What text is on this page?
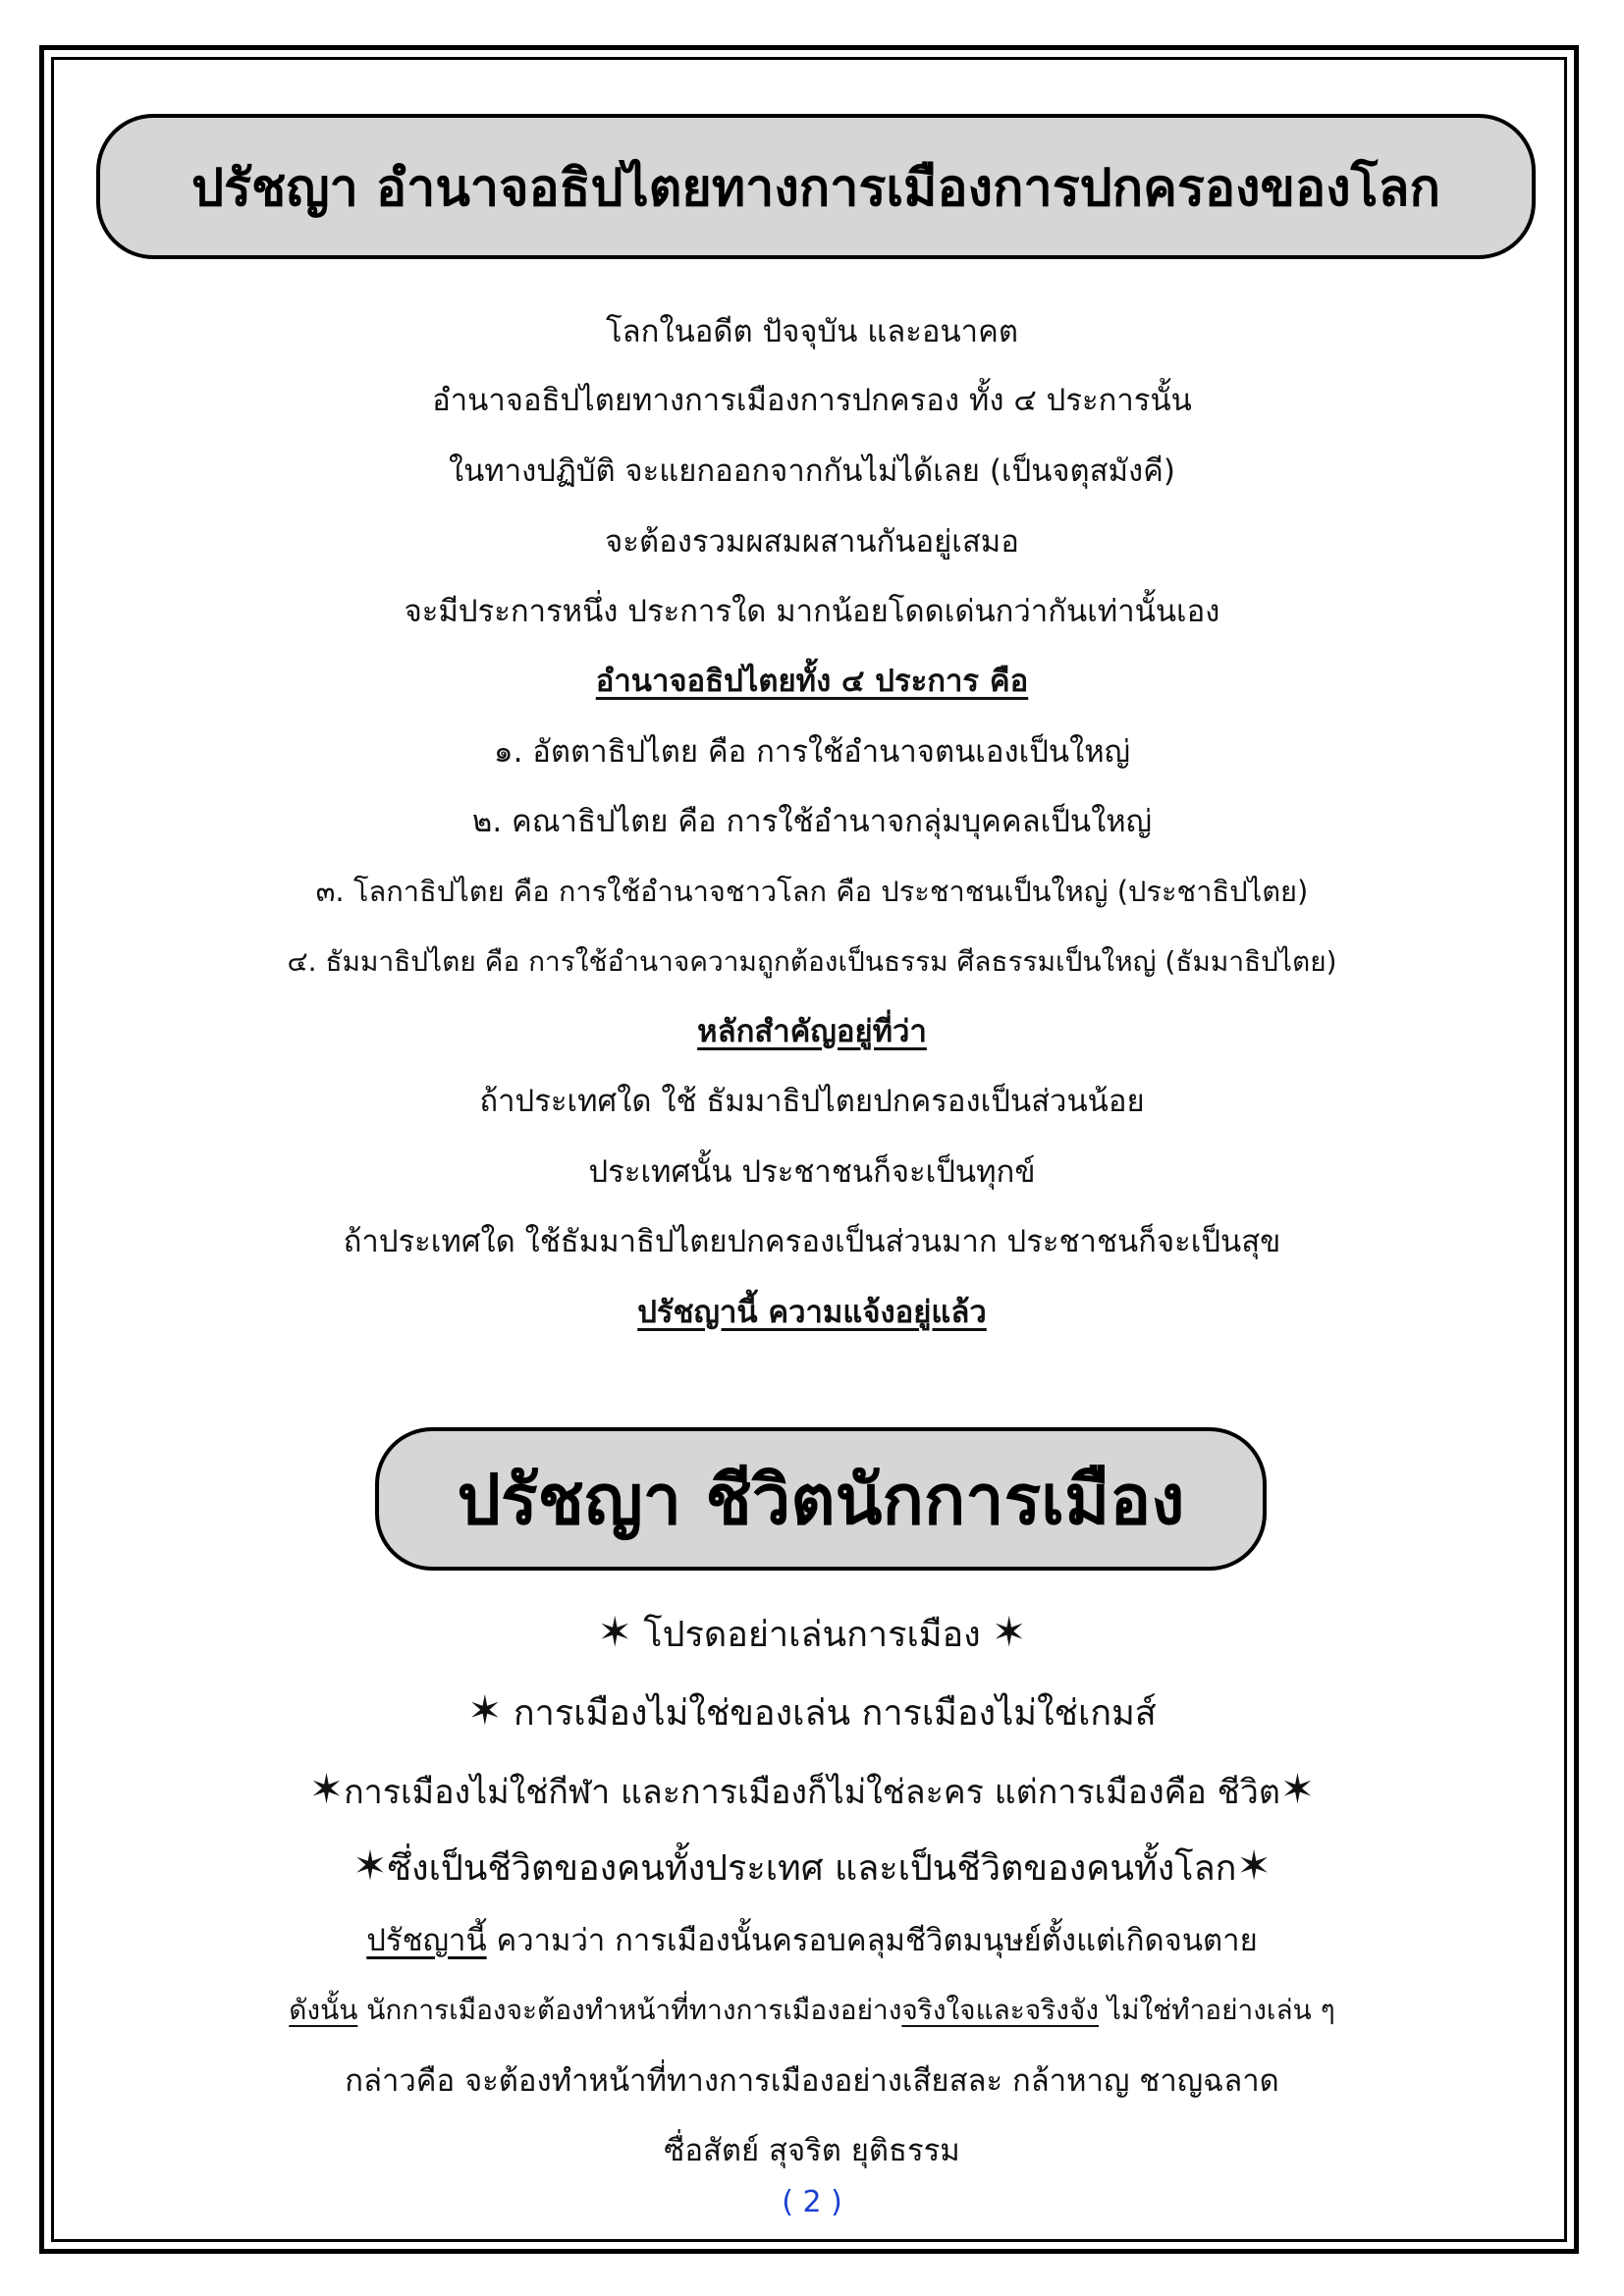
ปรัชญา อำนาจอธิปไตยทางการเมืองการปกครองของโลก
โลกในอดีต ปัจจุบัน และอนาคต
อำนาจอธิปไตยทางการเมืองการปกครอง ทั้ง ๔ ประการนั้น
ในทางปฏิบัติ จะแยกออกจากกันไม่ได้เลย (เป็นจตุสมังคี)
จะต้องรวมผสมผสานกันอยู่เสมอ
จะมีประการหนึ่ง ประการใด มากน้อยโดดเด่นกว่ากันเท่านั้นเอง
อำนาจอธิปไตยทั้ง ๔ ประการ คือ
๑. อัตตาธิปไตย คือ การใช้อำนาจตนเองเป็นใหญ่
๒. คณาธิปไตย คือ การใช้อำนาจกลุ่มบุคคลเป็นใหญ่
๓. โลกาธิปไตย คือ การใช้อำนาจชาวโลก คือ ประชาชนเป็นใหญ่ (ประชาธิปไตย)
๔. ธัมมาธิปไตย คือ การใช้อำนาจความถูกต้องเป็นธรรม ศีลธรรมเป็นใหญ่ (ธัมมาธิปไตย)
หลักสำคัญอยู่ที่ว่า
ถ้าประเทศใด ใช้ ธัมมาธิปไตยปกครองเป็นส่วนน้อย
ประเทศนั้น ประชาชนก็จะเป็นทุกข์
ถ้าประเทศใด ใช้ธัมมาธิปไตยปกครองเป็นส่วนมาก ประชาชนก็จะเป็นสุข
ปรัชญานี้ ความแจ้งอยู่แล้ว
ปรัชญา ชีวิตนักการเมือง
✶ โปรดอย่าเล่นการเมือง ✶
✶ การเมืองไม่ใช่ของเล่น การเมืองไม่ใช่เกมส์
✶การเมืองไม่ใช่กีฬา และการเมืองก็ไม่ใช่ละคร แต่การเมืองคือ ชีวิต✶
✶ซึ่งเป็นชีวิตของคนทั้งประเทศ และเป็นชีวิตของคนทั้งโลก✶
ปรัชญานี้ ความว่า การเมืองนั้นครอบคลุมชีวิตมนุษย์ตั้งแต่เกิดจนตาย
ดังนั้น นักการเมืองจะต้องทำหน้าที่ทางการเมืองอย่างจริงใจและจริงจัง ไม่ใช่ทำอย่างเล่น ๆ
กล่าวคือ จะต้องทำหน้าที่ทางการเมืองอย่างเสียสละ กล้าหาญ ชาญฉลาด
ซื่อสัตย์ สุจริต ยุติธรรม
( 2 )
